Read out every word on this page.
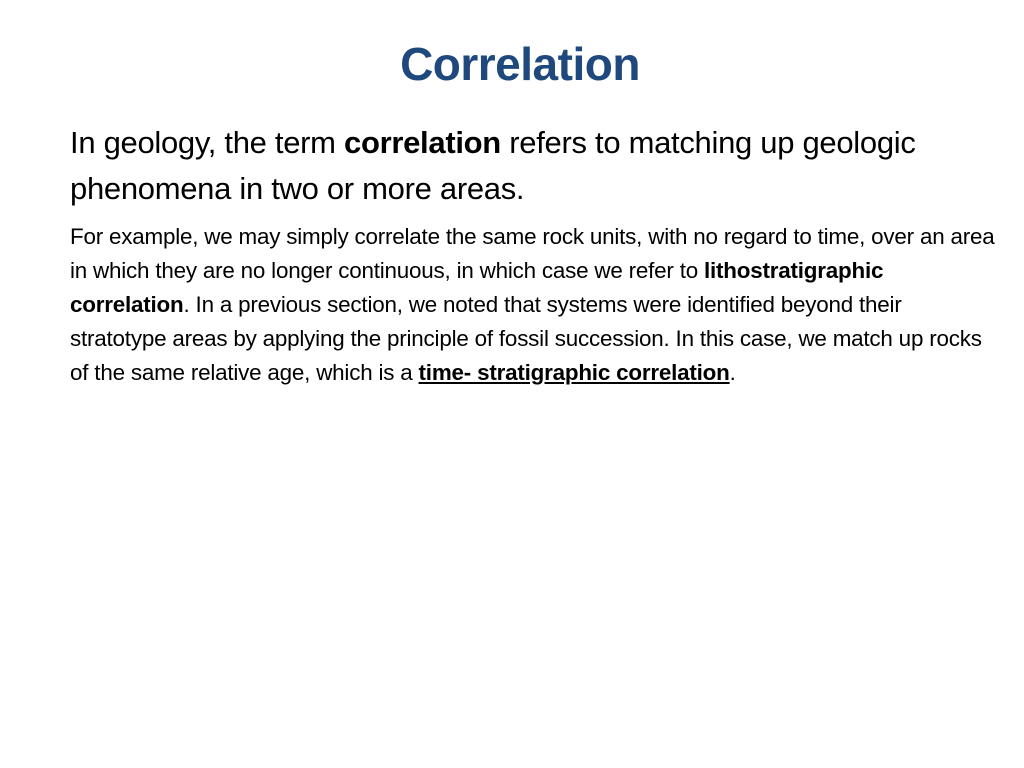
Correlation

In geology, the term correlation refers to matching up geologic phenomena in two or more areas.

For example, we may simply correlate the same rock units, with no regard to time, over an area in which they are no longer continuous, in which case we refer to lithostratigraphic correlation. In a previous section, we noted that systems were identified beyond their stratotype areas by applying the principle of fossil succession. In this case, we match up rocks of the same relative age, which is a time- stratigraphic correlation.
